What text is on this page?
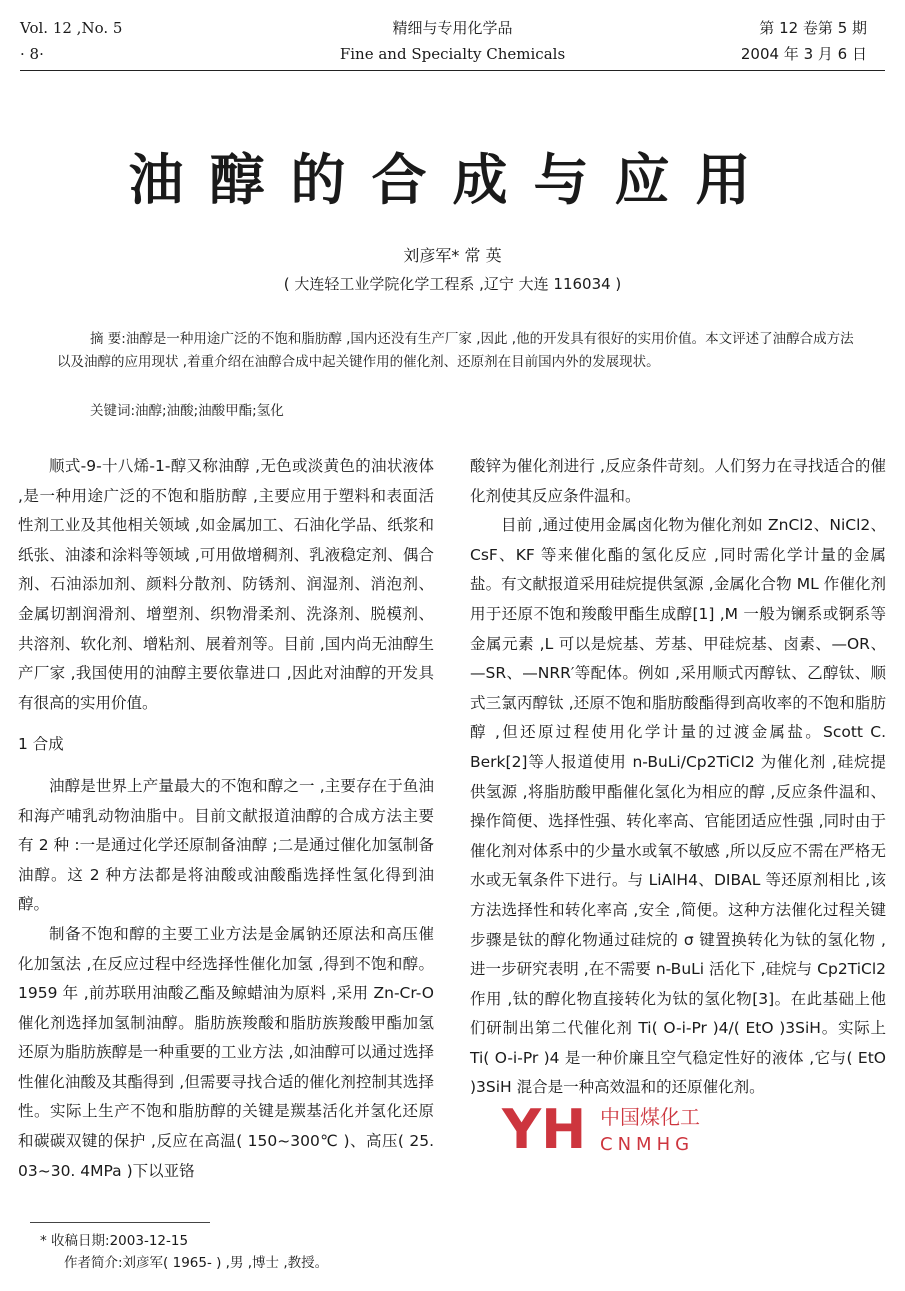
Vol. 12 ,No. 5
· 8·
精细与专用化学品
Fine and Specialty Chemicals
第 12 卷第 5 期
2004 年 3 月 6 日
油醇的合成与应用
刘彦军* 常 英
( 大连轻工业学院化学工程系 ,辽宁 大连 116034 )
摘 要:油醇是一种用途广泛的不饱和脂肪醇 ,国内还没有生产厂家 ,因此 ,他的开发具有很好的实用价值。本文评述了油醇合成方法以及油醇的应用现状 ,着重介绍在油醇合成中起关键作用的催化剂、还原剂在目前国内外的发展现状。
关键词:油醇;油酸;油酸甲酯;氢化

顺式-9-十八烯-1-醇又称油醇 ,无色或淡黄色的油状液体 ,是一种用途广泛的不饱和脂肪醇 ,主要应用于塑料和表面活性剂工业及其他相关领域 ,如金属加工、石油化学品、纸浆和纸张、油漆和涂料等领域 ,可用做增稠剂、乳液稳定剂、偶合剂、石油添加剂、颜料分散剂、防锈剂、润湿剂、消泡剂、金属切割润滑剂、增塑剂、织物滑柔剂、洗涤剂、脱模剂、共溶剂、软化剂、增粘剂、展着剂等。目前 ,国内尚无油醇生产厂家 ,我国使用的油醇主要依靠进口 ,因此对油醇的开发具有很高的实用价值。

1 合成

油醇是世界上产量最大的不饱和醇之一 ,主要存在于鱼油和海产哺乳动物油脂中。目前文献报道油醇的合成方法主要有 2 种 :一是通过化学还原制备油醇 ;二是通过催化加氢制备油醇。这 2 种方法都是将油酸或油酸酯选择性氢化得到油醇。

制备不饱和醇的主要工业方法是金属钠还原法和高压催化加氢法 ,在反应过程中经选择性催化加氢 ,得到不饱和醇。1959 年 ,前苏联用油酸乙酯及鲸蜡油为原料 ,采用 Zn-Cr-O 催化剂选择加氢制油醇。脂肪族羧酸和脂肪族羧酸甲酯加氢还原为脂肪族醇是一种重要的工业方法 ,如油醇可以通过选择性催化油酸及其酯得到 ,但需要寻找合适的催化剂控制其选择性。实际上生产不饱和脂肪醇的关键是羰基活化并氢化还原和碳碳双键的保护 ,反应在高温( 150~300℃ )、高压( 25. 03~30. 4MPa )下以亚铬

酸锌为催化剂进行 ,反应条件苛刻。人们努力在寻找适合的催化剂使其反应条件温和。

目前 ,通过使用金属卤化物为催化剂如 ZnCl2、NiCl2、CsF、KF 等来催化酯的氢化反应 ,同时需化学计量的金属盐。有文献报道采用硅烷提供氢源 ,金属化合物 ML 作催化剂用于还原不饱和羧酸甲酯生成醇[1] ,M 一般为镧系或锕系等金属元素 ,L 可以是烷基、芳基、甲硅烷基、卤素、—OR、—SR、—NRR′等配体。例如 ,采用顺式丙醇钛、乙醇钛、顺式三氯丙醇钛 ,还原不饱和脂肪酸酯得到高收率的不饱和脂肪醇 ,但还原过程使用化学计量的过渡金属盐。Scott C. Berk[2]等人报道使用 n-BuLi/Cp2TiCl2 为催化剂 ,硅烷提供氢源 ,将脂肪酸甲酯催化氢化为相应的醇 ,反应条件温和、操作简便、选择性强、转化率高、官能团适应性强 ,同时由于催化剂对体系中的少量水或氧不敏感 ,所以反应不需在严格无水或无氧条件下进行。与 LiAlH4、DIBAL 等还原剂相比 ,该方法选择性和转化率高 ,安全 ,简便。这种方法催化过程关键步骤是钛的醇化物通过硅烷的 σ 键置换转化为钛的氢化物 ,进一步研究表明 ,在不需要 n-BuLi 活化下 ,硅烷与 Cp2TiCl2 作用 ,钛的醇化物直接转化为钛的氢化物[3]。在此基础上他们研制出第二代催化剂 Ti( O-i-Pr )4/( EtO )3SiH。实际上 Ti( O-i-Pr )4 是一种价廉且空气稳定性好的液体 ,它与( EtO )3SiH 混合是一种高效温和的还原催化剂。

YH 中国煤化工
CNMHG
* 收稿日期:2003-12-15
作者简介:刘彦军( 1965- ) ,男 ,博士 ,教授。
